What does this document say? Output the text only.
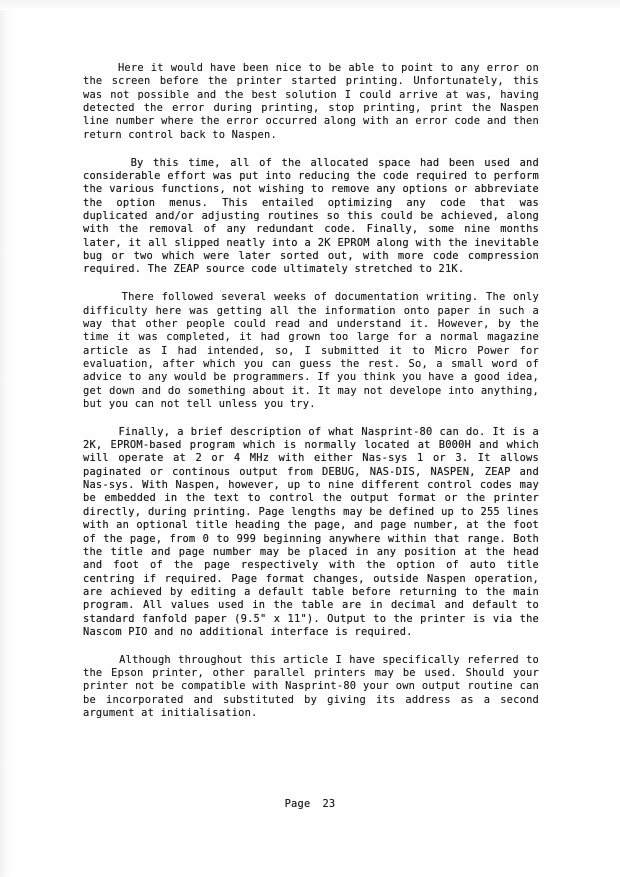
Here it would have been nice to be able to point to any error on the screen before the printer started printing. Unfortunately, this was not possible and the best solution I could arrive at was, having detected the error during printing, stop printing, print the Naspen line number where the error occurred along with an error code and then return control back to Naspen.

By this time, all of the allocated space had been used and considerable effort was put into reducing the code required to perform the various functions, not wishing to remove any options or abbreviate the option menus. This entailed optimizing any code that was duplicated and/or adjusting routines so this could be achieved, along with the removal of any redundant code. Finally, some nine months later, it all slipped neatly into a 2K EPROM along with the inevitable bug or two which were later sorted out, with more code compression required. The ZEAP source code ultimately stretched to 21K.

There followed several weeks of documentation writing. The only difficulty here was getting all the information onto paper in such a way that other people could read and understand it. However, by the time it was completed, it had grown too large for a normal magazine article as I had intended, so, I submitted it to Micro Power for evaluation, after which you can guess the rest. So, a small word of advice to any would be programmers. If you think you have a good idea, get down and do something about it. It may not develope into anything, but you can not tell unless you try.

Finally, a brief description of what Nasprint-80 can do. It is a 2K, EPROM-based program which is normally located at B000H and which will operate at 2 or 4 MHz with either Nas-sys 1 or 3. It allows paginated or continous output from DEBUG, NAS-DIS, NASPEN, ZEAP and Nas-sys. With Naspen, however, up to nine different control codes may be embedded in the text to control the output format or the printer directly, during printing. Page lengths may be defined up to 255 lines with an optional title heading the page, and page number, at the foot of the page, from 0 to 999 beginning anywhere within that range. Both the title and page number may be placed in any position at the head and foot of the page respectively with the option of auto title centring if required. Page format changes, outside Naspen operation, are achieved by editing a default table before returning to the main program. All values used in the table are in decimal and default to standard fanfold paper (9.5" x 11"). Output to the printer is via the Nascom PIO and no additional interface is required.

Although throughout this article I have specifically referred to the Epson printer, other parallel printers may be used. Should your printer not be compatible with Nasprint-80 your own output routine can be incorporated and substituted by giving its address as a second argument at initialisation.

Page 23
